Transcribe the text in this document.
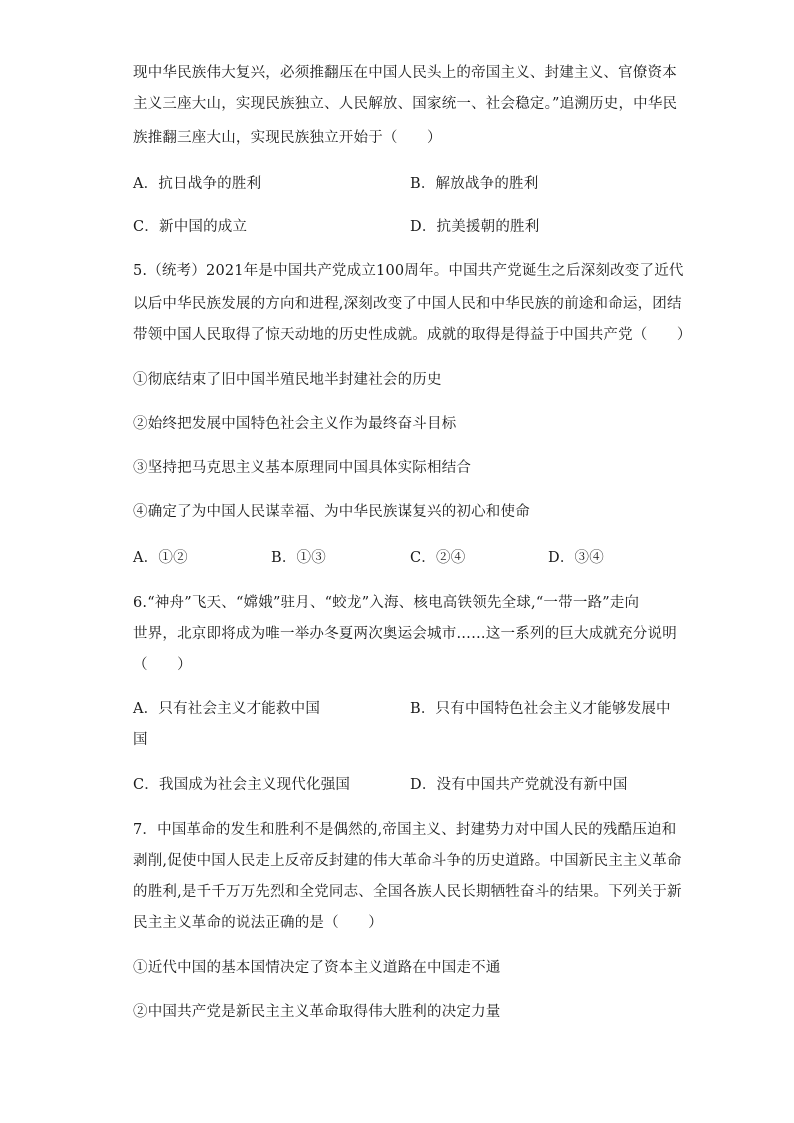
现中华民族伟大复兴，必须推翻压在中国人民头上的帝国主义、封建主义、官僚资本
主义三座大山，实现民族独立、人民解放、国家统一、社会稳定。”追溯历史，中华民
族推翻三座大山，实现民族独立开始于（　　）
A．抗日战争的胜利	B．解放战争的胜利
C．新中国的成立	D．抗美援朝的胜利
5.（统考）2021年是中国共产党成立100周年。中国共产党诞生之后深刻改变了近代
以后中华民族发展的方向和进程,深刻改变了中国人民和中华民族的前途和命运，团结
带领中国人民取得了惊天动地的历史性成就。成就的取得是得益于中国共产党（　　）
①彻底结束了旧中国半殖民地半封建社会的历史
②始终把发展中国特色社会主义作为最终奋斗目标
③坚持把马克思主义基本原理同中国具体实际相结合
④确定了为中国人民谋幸福、为中华民族谋复兴的初心和使命
A．①②	B．①③	C．②④	D．③④
6.“神舟”飞天、“嫦娥”驻月、“蛟龙”入海、核电高铁领先全球,“一带一路”走向
世界，北京即将成为唯一举办冬夏两次奥运会城市……这一系列的巨大成就充分说明
（　　）
A．只有社会主义才能救中国	B．只有中国特色社会主义才能够发展中
国
C．我国成为社会主义现代化强国	D．没有中国共产党就没有新中国
7．中国革命的发生和胜利不是偶然的,帝国主义、封建势力对中国人民的残酷压迫和
剥削,促使中国人民走上反帝反封建的伟大革命斗争的历史道路。中国新民主主义革命
的胜利,是千千万万先烈和全党同志、全国各族人民长期牺牲奋斗的结果。下列关于新
民主主义革命的说法正确的是（　　）
①近代中国的基本国情决定了资本主义道路在中国走不通
②中国共产党是新民主主义革命取得伟大胜利的决定力量
